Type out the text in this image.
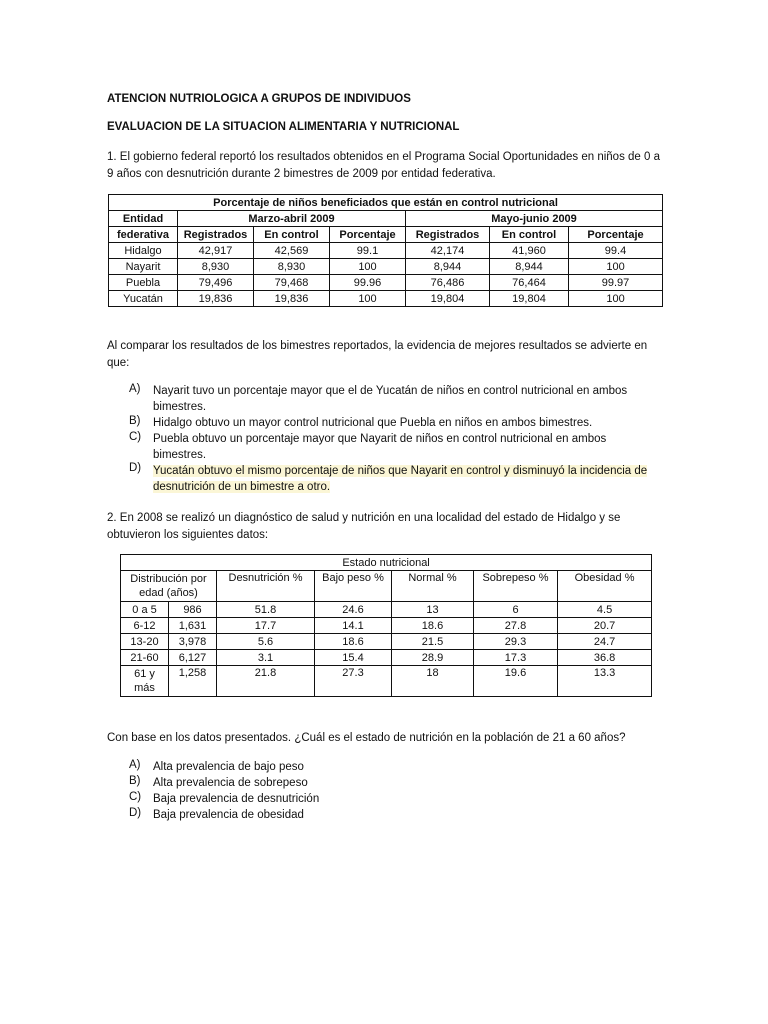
ATENCION NUTRIOLOGICA A GRUPOS DE INDIVIDUOS
EVALUACION DE LA SITUACION ALIMENTARIA Y NUTRICIONAL
1. El gobierno federal reportó los resultados obtenidos en el Programa Social Oportunidades en niños de 0 a
9 años con desnutrición durante 2 bimestres de 2009 por entidad federativa.
Porcentaje de niños beneficiados que están en control nutricional						
Entidad	Marzo-abril 2009			Mayo-junio 2009		
federativa	Registrados	En control	Porcentaje	Registrados	En control	Porcentaje
Hidalgo	42,917	42,569	99.1	42,174	41,960	99.4
Nayarit	8,930	8,930	100	8,944	8,944	100
Puebla	79,496	79,468	99.96	76,486	76,464	99.97
Yucatán	19,836	19,836	100	19,804	19,804	100
Al comparar los resultados de los bimestres reportados, la evidencia de mejores resultados se advierte en
que:
A) Nayarit tuvo un porcentaje mayor que el de Yucatán de niños en control nutricional en ambos
bimestres.
B) Hidalgo obtuvo un mayor control nutricional que Puebla en niños en ambos bimestres.
C) Puebla obtuvo un porcentaje mayor que Nayarit de niños en control nutricional en ambos
bimestres.
D) Yucatán obtuvo el mismo porcentaje de niños que Nayarit en control y disminuyó la incidencia de
desnutrición de un bimestre a otro.
2. En 2008 se realizó un diagnóstico de salud y nutrición en una localidad del estado de Hidalgo y se
obtuvieron los siguientes datos:
Estado nutricional						
Distribución por
edad (años)		Desnutrición %	Bajo peso %	Normal %	Sobrepeso %	Obesidad %
0 a 5	986	51.8	24.6	13	6	4.5
6-12	1,631	17.7	14.1	18.6	27.8	20.7
13-20	3,978	5.6	18.6	21.5	29.3	24.7
21-60	6,127	3.1	15.4	28.9	17.3	36.8
61 y
más	1,258	21.8	27.3	18	19.6	13.3
Con base en los datos presentados. ¿Cuál es el estado de nutrición en la población de 21 a 60 años?
A) Alta prevalencia de bajo peso
B) Alta prevalencia de sobrepeso
C) Baja prevalencia de desnutrición
D) Baja prevalencia de obesidad
